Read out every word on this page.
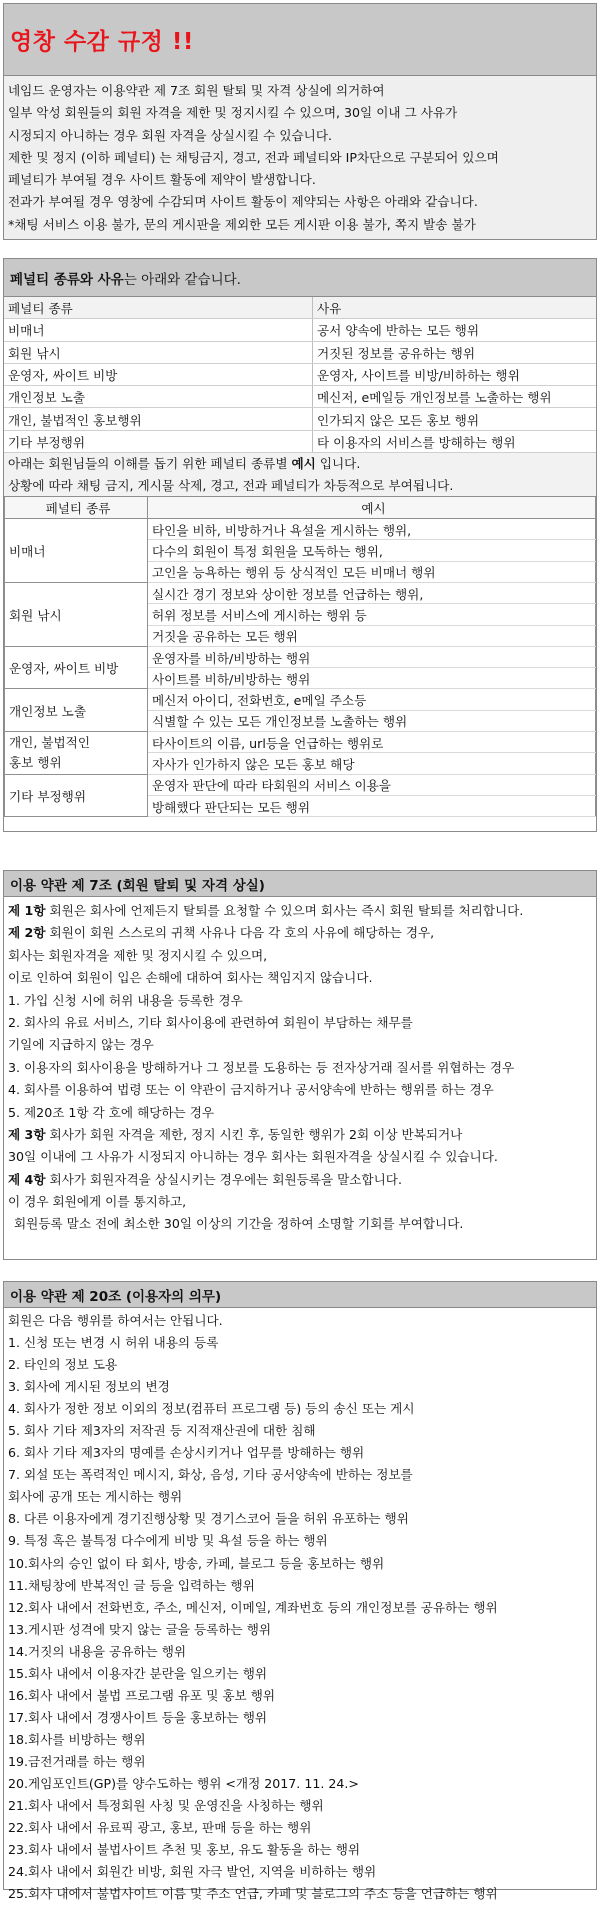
영창 수감 규정 !!
네임드 운영자는 이용약관 제 7조 회원 탈퇴 및 자격 상실에 의거하여
일부 악성 회원들의 회원 자격을 제한 및 정지시킬 수 있으며, 30일 이내 그 사유가
시정되지 아니하는 경우 회원 자격을 상실시킬 수 있습니다.
제한 및 정지 (이하 페널티) 는 채팅금지, 경고, 전과 페널티와 IP차단으로 구분되어 있으며
페널티가 부여될 경우 사이트 활동에 제약이 발생합니다.
전과가 부여될 경우 영창에 수감되며 사이트 활동이 제약되는 사항은 아래와 같습니다.
*채팅 서비스 이용 불가, 문의 게시판을 제외한 모든 게시판 이용 불가, 쪽지 발송 불가
페널티 종류와 사유 는 아래와 같습니다.
페널티 종류	사유
비매너	공서 양속에 반하는 모든 행위
회원 낚시	거짓된 정보를 공유하는 행위
운영자, 싸이트 비방	운영자, 사이트를 비방/비하하는 행위
개인정보 노출	메신저, e메일등 개인정보를 노출하는 행위
개인, 불법적인 홍보행위	인가되지 않은 모든 홍보 행위
기타 부정행위	타 이용자의 서비스를 방해하는 행위
아래는 회원님들의 이해를 돕기 위한 페널티 종류별 예시 입니다.
상황에 따라 채팅 금지, 게시물 삭제, 경고, 전과 페널티가 차등적으로 부여됩니다.
페널티 종류	예시
비매너	타인을 비하, 비방하거나 욕설을 게시하는 행위,
	다수의 회원이 특정 회원을 모독하는 행위,
	고인을 능욕하는 행위 등 상식적인 모든 비매너 행위
회원 낚시	실시간 경기 정보와 상이한 정보를 언급하는 행위,
	허위 정보를 서비스에 게시하는 행위 등
	거짓을 공유하는 모든 행위
운영자, 싸이트 비방	운영자를 비하/비방하는 행위
	사이트를 비하/비방하는 행위
개인정보 노출	메신저 아이디, 전화번호, e메일 주소등
	식별할 수 있는 모든 개인정보를 노출하는 행위
개인, 불법적인
홍보 행위	타사이트의 이름, url등을 언급하는 행위로
	자사가 인가하지 않은 모든 홍보 해당
기타 부정행위	운영자 판단에 따라 타회원의 서비스 이용을
	방해했다 판단되는 모든 행위
이용 약관 제 7조 (회원 탈퇴 및 자격 상실)
제 1항 회원은 회사에 언제든지 탈퇴를 요청할 수 있으며 회사는 즉시 회원 탈퇴를 처리합니다.
제 2항 회원이 회원 스스로의 귀책 사유나 다음 각 호의 사유에 해당하는 경우,
회사는 회원자격을 제한 및 정지시킬 수 있으며,
이로 인하여 회원이 입은 손해에 대하여 회사는 책임지지 않습니다.
1. 가입 신청 시에 허위 내용을 등록한 경우
2. 회사의 유료 서비스, 기타 회사이용에 관련하여 회원이 부담하는 채무를
기일에 지급하지 않는 경우
3. 이용자의 회사이용을 방해하거나 그 정보를 도용하는 등 전자상거래 질서를 위협하는 경우
4. 회사를 이용하여 법령 또는 이 약관이 금지하거나 공서양속에 반하는 행위를 하는 경우
5. 제20조 1항 각 호에 해당하는 경우
제 3항 회사가 회원 자격을 제한, 정지 시킨 후, 동일한 행위가 2회 이상 반복되거나
30일 이내에 그 사유가 시정되지 아니하는 경우 회사는 회원자격을 상실시킬 수 있습니다.
제 4항 회사가 회원자격을 상실시키는 경우에는 회원등록을 말소합니다.
이 경우 회원에게 이를 통지하고,
회원등록 말소 전에 최소한 30일 이상의 기간을 정하여 소명할 기회를 부여합니다.
이용 약관 제 20조 (이용자의 의무)
회원은 다음 행위를 하여서는 안됩니다.
1. 신청 또는 변경 시 허위 내용의 등록
2. 타인의 정보 도용
3. 회사에 게시된 정보의 변경
4. 회사가 정한 정보 이외의 정보(컴퓨터 프로그램 등) 등의 송신 또는 게시
5. 회사 기타 제3자의 저작권 등 지적재산권에 대한 침해
6. 회사 기타 제3자의 명예를 손상시키거나 업무를 방해하는 행위
7. 외설 또는 폭력적인 메시지, 화상, 음성, 기타 공서양속에 반하는 정보를
회사에 공개 또는 게시하는 행위
8. 다른 이용자에게 경기진행상황 및 경기스코어 들을 허위 유포하는 행위
9. 특정 혹은 불특정 다수에게 비방 및 욕설 등을 하는 행위
10.회사의 승인 없이 타 회사, 방송, 카페, 블로그 등을 홍보하는 행위
11.채팅창에 반복적인 글 등을 입력하는 행위
12.회사 내에서 전화번호, 주소, 메신저, 이메일, 계좌번호 등의 개인정보를 공유하는 행위
13.게시판 성격에 맞지 않는 글을 등록하는 행위
14.거짓의 내용을 공유하는 행위
15.회사 내에서 이용자간 분란을 일으키는 행위
16.회사 내에서 불법 프로그램 유포 및 홍보 행위
17.회사 내에서 경쟁사이트 등을 홍보하는 행위
18.회사를 비방하는 행위
19.금전거래를 하는 행위
20.게임포인트(GP)를 양수도하는 행위 <개정 2017. 11. 24.>
21.회사 내에서 특정회원 사칭 및 운영진을 사칭하는 행위
22.회사 내에서 유료픽 광고, 홍보, 판매 등을 하는 행위
23.회사 내에서 불법사이트 추천 및 홍보, 유도 활동을 하는 행위
24.회사 내에서 회원간 비방, 회원 자극 발언, 지역을 비하하는 행위
25.회사 내에서 불법사이트 이름 및 주소 언급, 카페 및 블로그의 주소 등을 언급하는 행위
